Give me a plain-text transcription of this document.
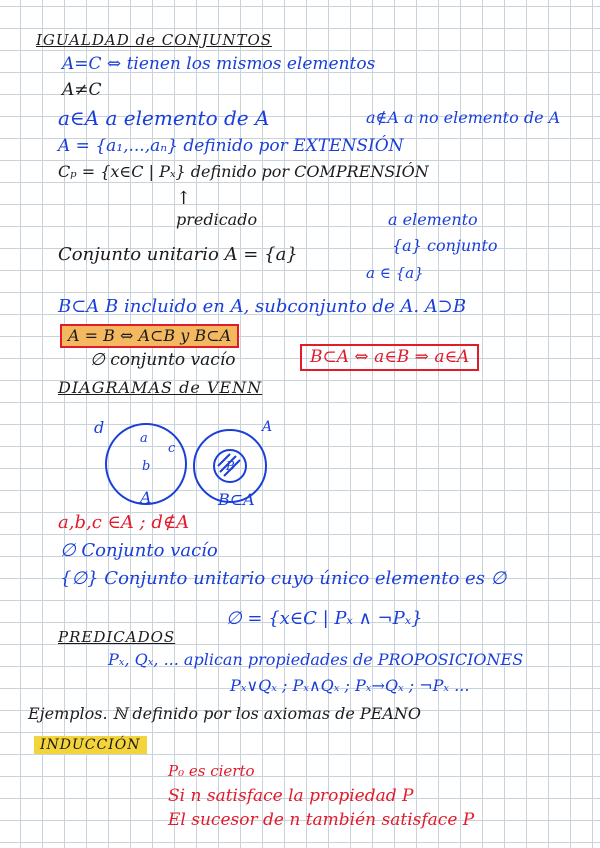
IGUALDAD de CONJUNTOS
A=C ⇔ tienen los mismos elementos
A≠C
a∈A a elemento de A	a∉A a no elemento de A
A = {a₁,...,aₙ} definido por EXTENSIÓN
Cₚ = {x∈C | Pₓ} definido por COMPRENSIÓN
↑
predicado	a elemento
Conjunto unitario A = {a}	{a} conjunto
a ∈ {a}
B⊂A B incluido en A, subconjunto de A. A⊃B
A = B ⇔ A⊂B y B⊂A
∅ conjunto vacío	B⊂A ⇔ a∈B ⇒ a∈A
DIAGRAMAS de VENN
d
a
c
b
A
B
A	B⊂A
a,b,c ∈A ; d∉A
∅ Conjunto vacío
{∅} Conjunto unitario cuyo único elemento es ∅
∅ = {x∈C | Pₓ ∧ ¬Pₓ}
PREDICADOS
Pₓ, Qₓ, ... aplican propiedades de PROPOSICIONES
Pₓ∨Qₓ ; Pₓ∧Qₓ ; Pₓ→Qₓ ; ¬Pₓ ...
Ejemplos. ℕ definido por los axiomas de PEANO
INDUCCIÓN
P₀ es cierto
Si n satisface la propiedad P
El sucesor de n también satisface P
